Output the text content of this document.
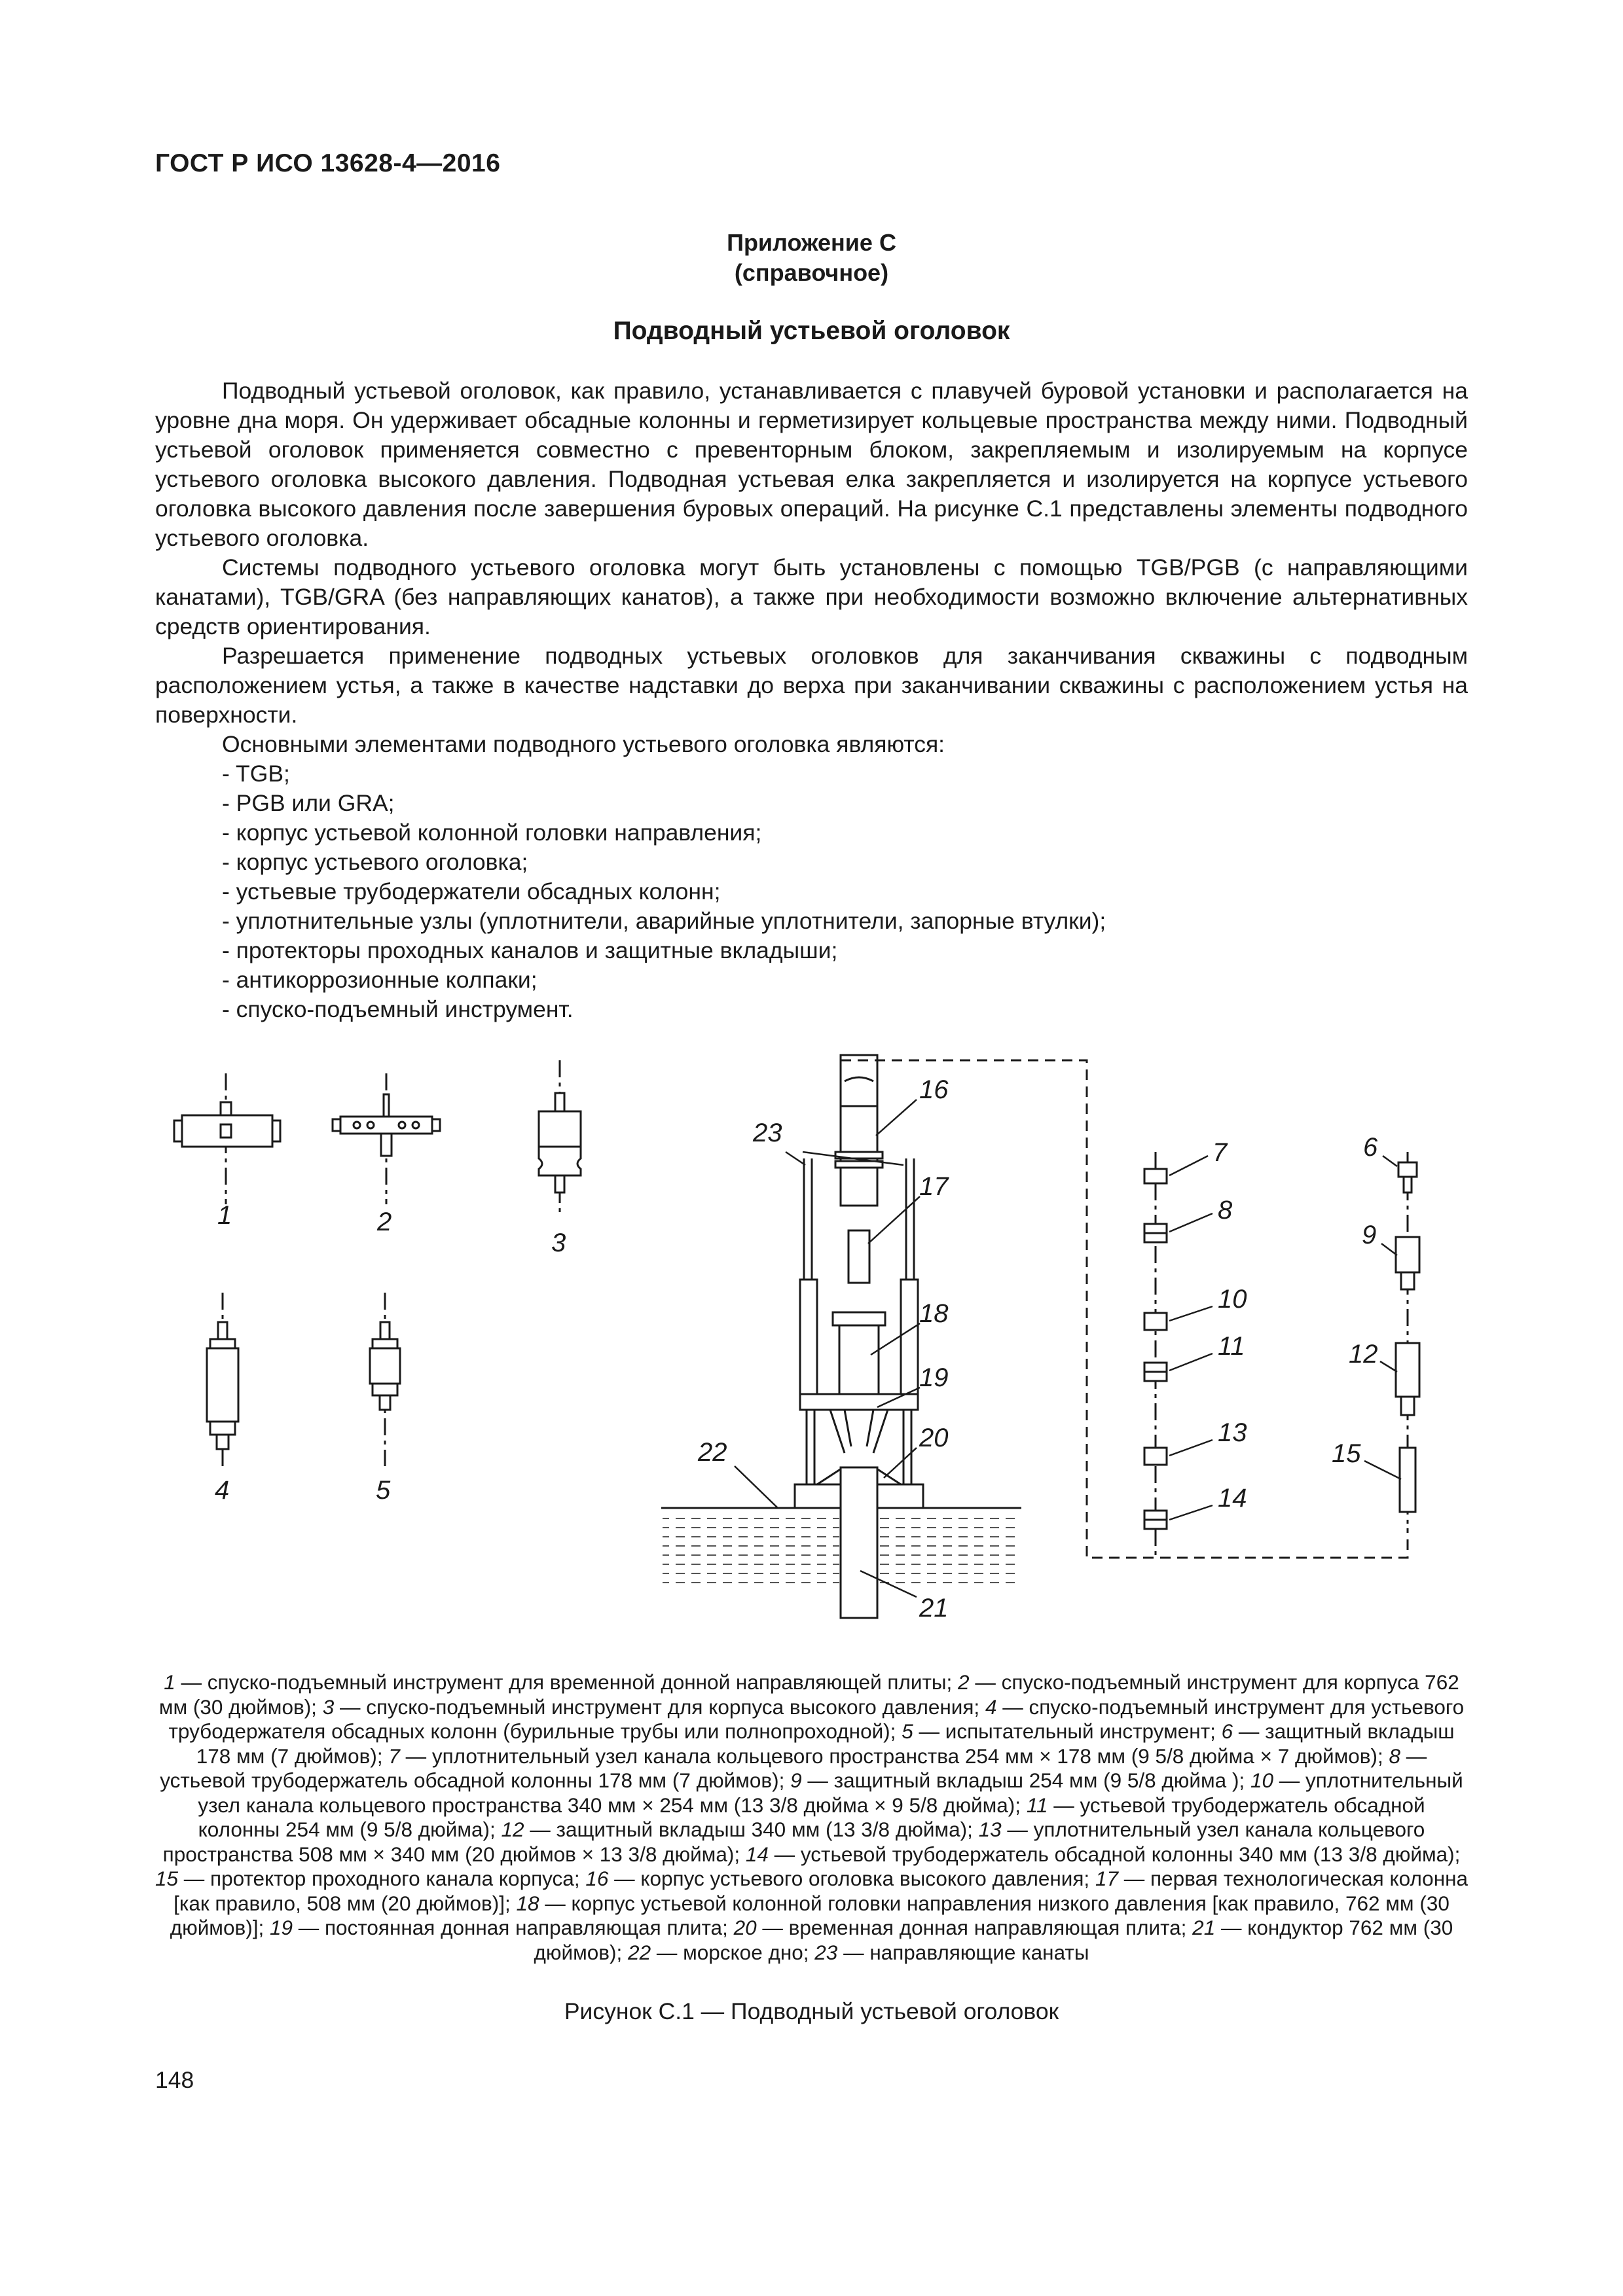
ГОСТ Р ИСО 13628-4—2016
Приложение С
(справочное)
Подводный устьевой оголовок

Подводный устьевой оголовок, как правило, устанавливается с плавучей буровой установки и располагается на уровне дна моря. Он удерживает обсадные колонны и герметизирует кольцевые пространства между ними. Подводный устьевой оголовок применяется совместно с превенторным блоком, закрепляемым и изолируемым на корпусе устьевого оголовка высокого давления. Подводная устьевая елка закрепляется и изолируется на корпусе устьевого оголовка высокого давления после завершения буровых операций. На рисунке С.1 представлены элементы подводного устьевого оголовка.

Системы подводного устьевого оголовка могут быть установлены с помощью TGB/PGB (с направляющими канатами), TGB/GRA (без направляющих канатов), а также при необходимости возможно включение альтернативных средств ориентирования.

Разрешается применение подводных устьевых оголовков для заканчивания скважины с подводным расположением устья, а также в качестве надставки до верха при заканчивании скважины с расположением устья на поверхности.

Основными элементами подводного устьевого оголовка являются:

- TGB;
- PGB или GRA;
- корпус устьевой колонной головки направления;
- корпус устьевого оголовка;
- устьевые трубодержатели обсадных колонн;
- уплотнительные узлы (уплотнители, аварийные уплотнители, запорные втулки);
- протекторы проходных каналов и защитные вкладыши;
- антикоррозионные колпаки;
- спуско-подъемный инструмент.
1	2
3
4	5
6
7
8
9
10
11	12
13
14
15
16
17
18
19
20
21
22
23
1 — спуско-подъемный инструмент для временной донной направляющей плиты; 2 — спуско-подъемный инструмент для корпуса 762 мм (30 дюймов); 3 — спуско-подъемный инструмент для корпуса высокого давления; 4 — спуско-подъемный инструмент для устьевого трубодержателя обсадных колонн (бурильные трубы или полнопроходной); 5 — испытательный инструмент; 6 — защитный вкладыш 178 мм (7 дюймов); 7 — уплотнительный узел канала кольцевого пространства 254 мм × 178 мм (9 5/8 дюйма × 7 дюймов); 8 — устьевой трубодержатель обсадной колонны 178 мм (7 дюймов); 9 — защитный вкладыш 254 мм (9 5/8 дюйма ); 10 — уплотнительный узел канала кольцевого пространства 340 мм × 254 мм (13 3/8 дюйма × 9 5/8 дюйма); 11 — устьевой трубодержатель обсадной колонны 254 мм (9 5/8 дюйма); 12 — защитный вкладыш 340 мм (13 3/8 дюйма); 13 — уплотнительный узел канала кольцевого пространства 508 мм × 340 мм (20 дюймов × 13 3/8 дюйма); 14 — устьевой трубодержатель обсадной колонны 340 мм (13 3/8 дюйма); 15 — протектор проходного канала корпуса; 16 — корпус устьевого оголовка высокого давления; 17 — первая технологическая колонна [как правило, 508 мм (20 дюймов)]; 18 — корпус устьевой колонной головки направления низкого давления [как правило, 762 мм (30 дюймов)]; 19 — постоянная донная направляющая плита; 20 — временная донная направляющая плита; 21 — кондуктор 762 мм (30 дюймов); 22 — морское дно; 23 — направляющие канаты
Рисунок С.1 — Подводный устьевой оголовок
148
